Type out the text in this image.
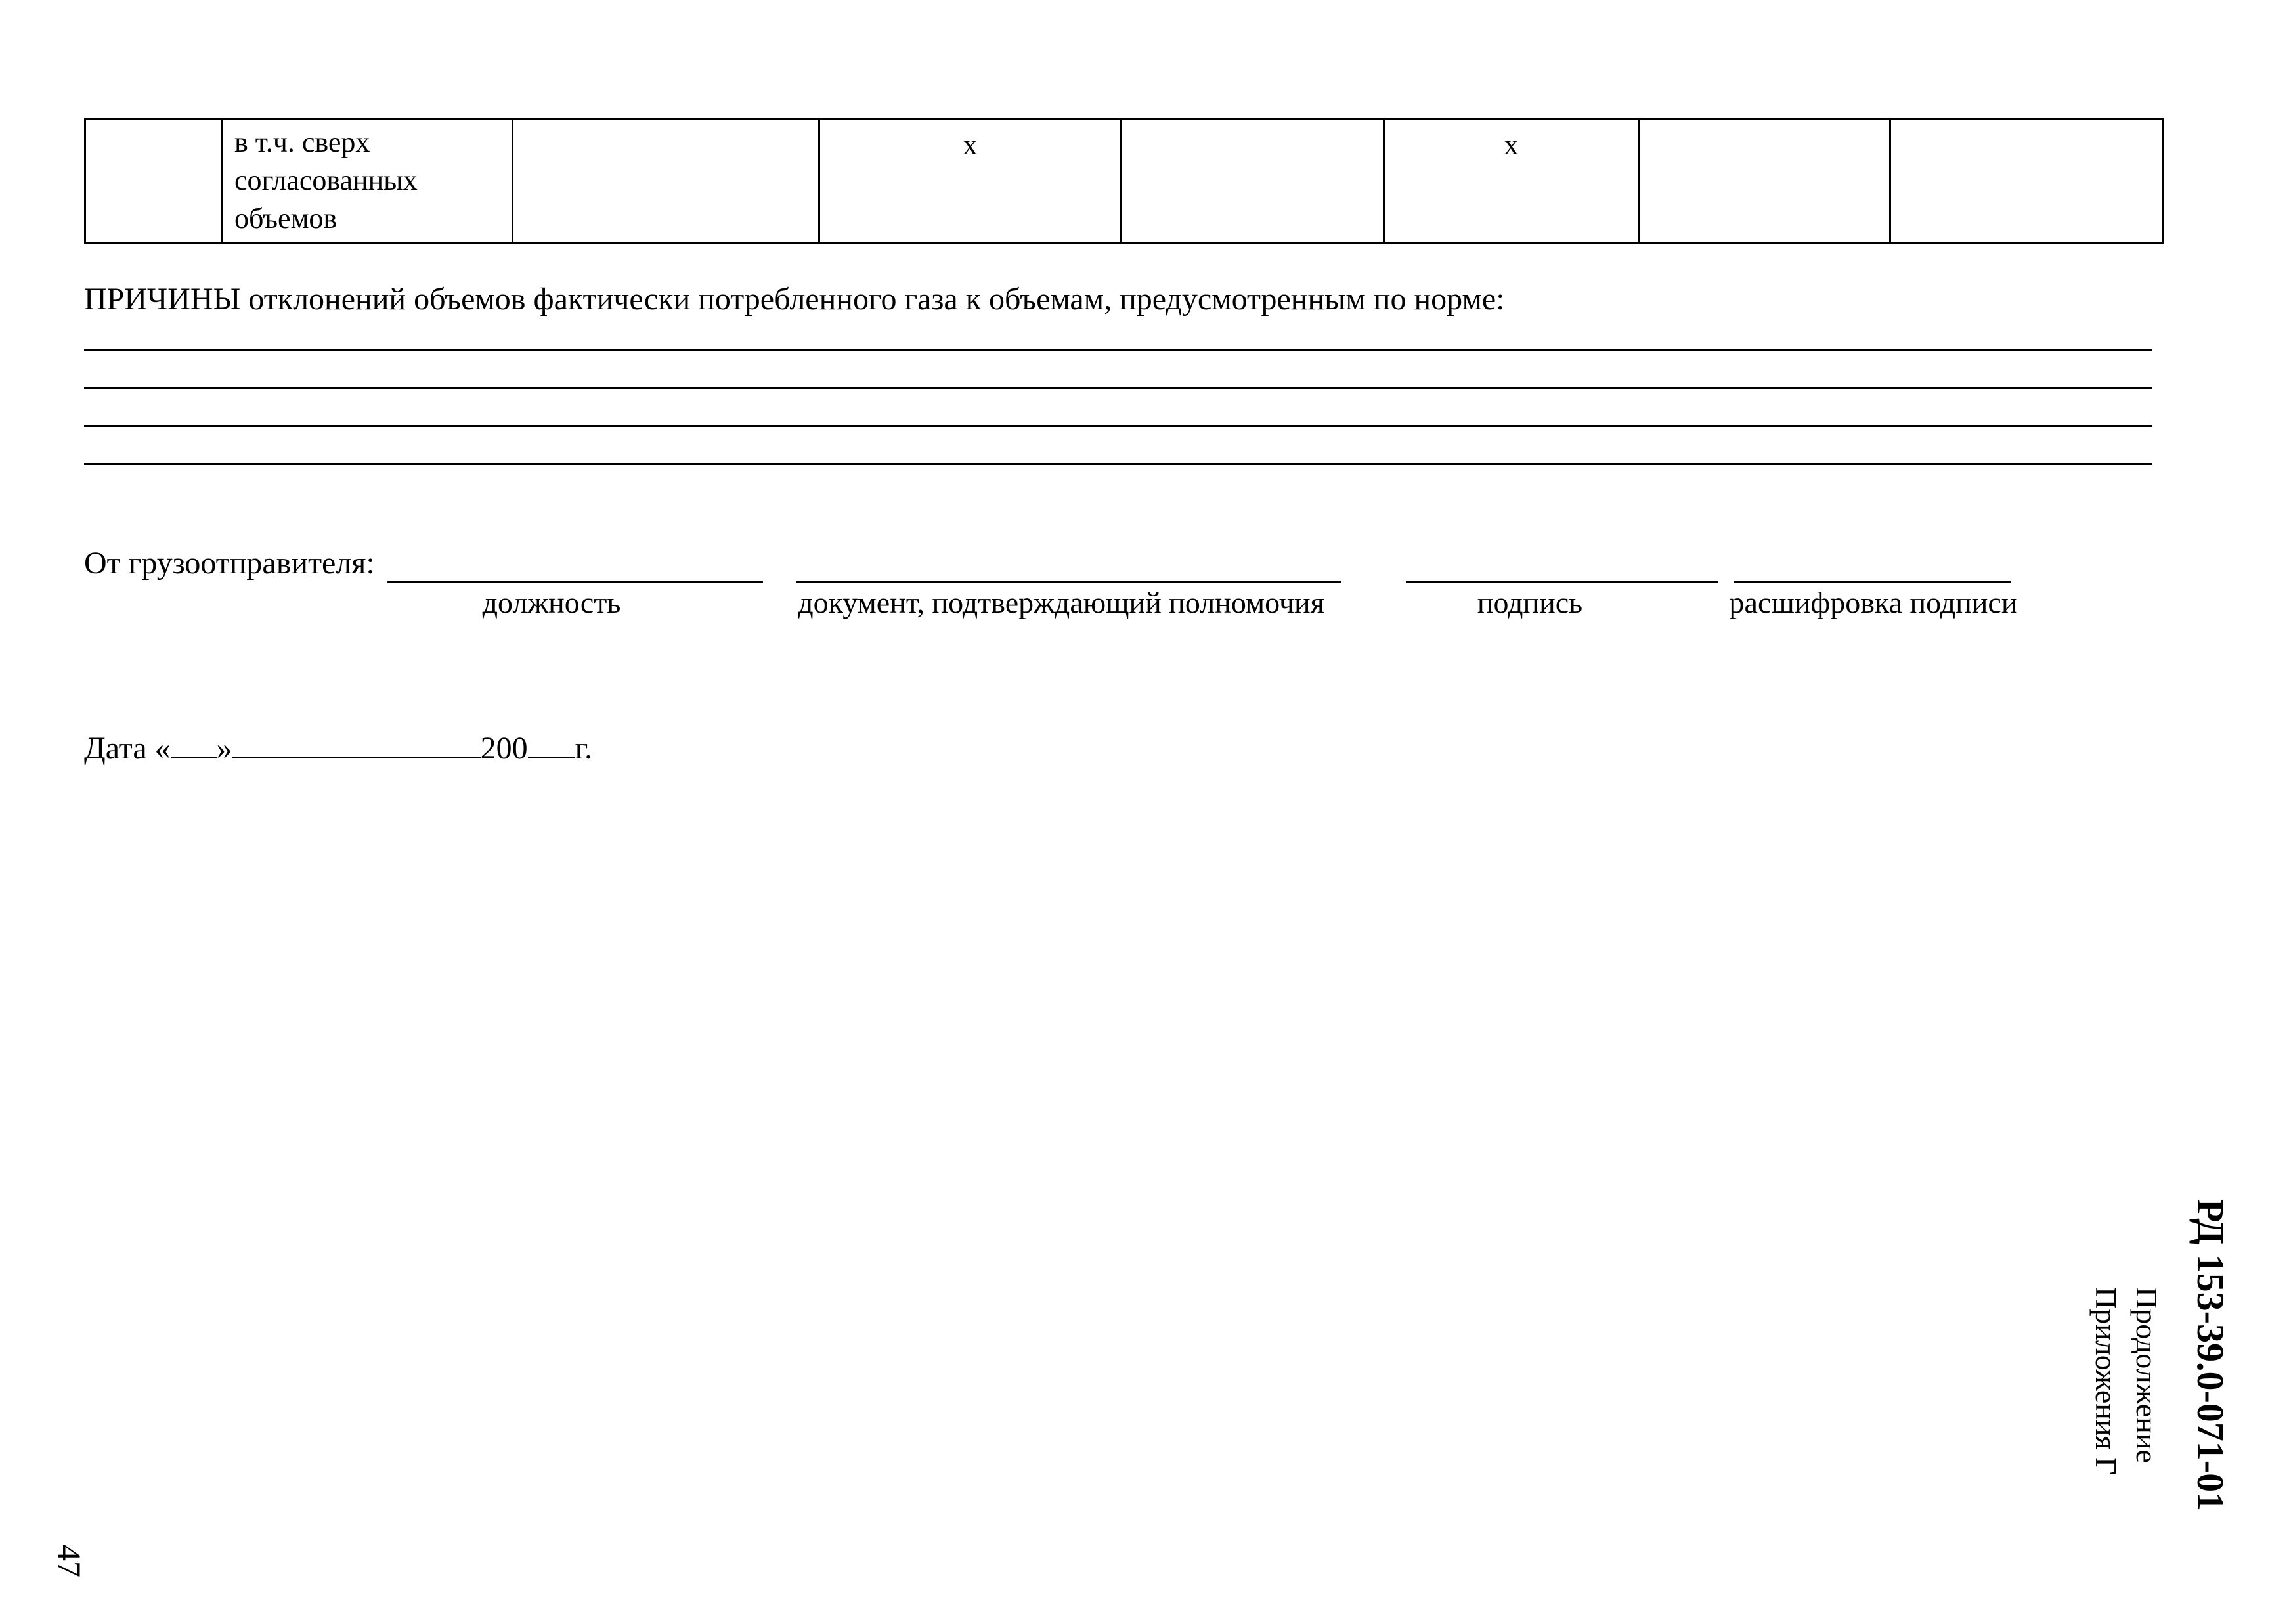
	в т.ч. сверх согласованных объемов		x		x		
ПРИЧИНЫ отклонений объемов фактически потребленного газа к объемам, предусмотренным по норме:
От грузоотправителя:
должность	документ, подтверждающий полномочия	подпись	расшифровка подписи
Дата « »	200 г.
РД 153-39.0-071-01
Продолжение
Приложения Г
47
